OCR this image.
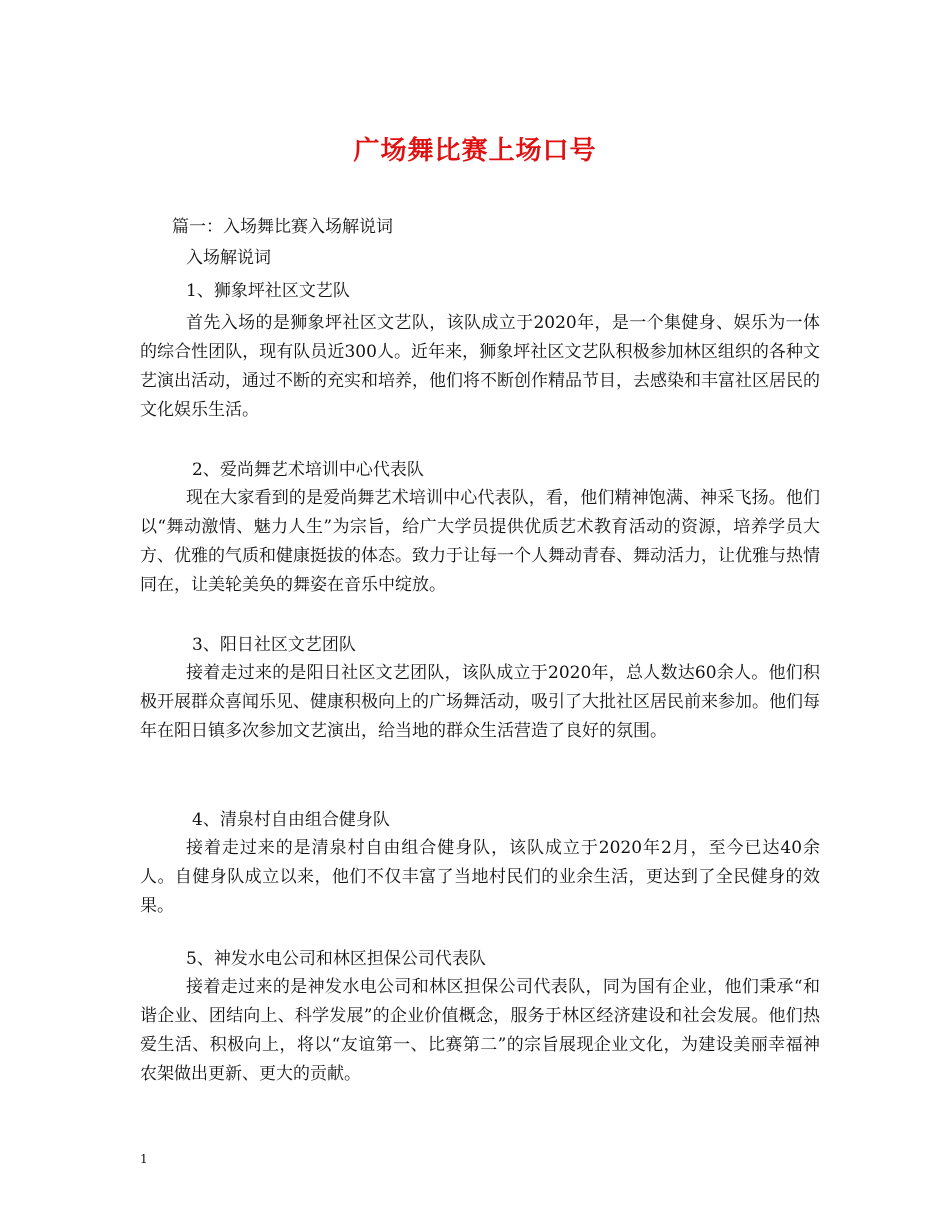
广场舞比赛上场口号
篇一：入场舞比赛入场解说词
入场解说词
1、狮象坪社区文艺队
首先入场的是狮象坪社区文艺队，该队成立于2020年，是一个集健身、娱乐为一体的综合性团队，现有队员近300人。近年来，狮象坪社区文艺队积极参加林区组织的各种文艺演出活动，通过不断的充实和培养，他们将不断创作精品节目，去感染和丰富社区居民的文化娱乐生活。
2、爱尚舞艺术培训中心代表队
现在大家看到的是爱尚舞艺术培训中心代表队，看，他们精神饱满、神采飞扬。他们以“舞动激情、魅力人生”为宗旨，给广大学员提供优质艺术教育活动的资源，培养学员大方、优雅的气质和健康挺拔的体态。致力于让每一个人舞动青春、舞动活力，让优雅与热情同在，让美轮美奂的舞姿在音乐中绽放。
3、阳日社区文艺团队
接着走过来的是阳日社区文艺团队，该队成立于2020年，总人数达60余人。他们积极开展群众喜闻乐见、健康积极向上的广场舞活动，吸引了大批社区居民前来参加。他们每年在阳日镇多次参加文艺演出，给当地的群众生活营造了良好的氛围。
4、清泉村自由组合健身队
接着走过来的是清泉村自由组合健身队，该队成立于2020年2月，至今已达40余人。自健身队成立以来，他们不仅丰富了当地村民们的业余生活，更达到了全民健身的效果。
5、神发水电公司和林区担保公司代表队
接着走过来的是神发水电公司和林区担保公司代表队，同为国有企业，他们秉承“和谐企业、团结向上、科学发展”的企业价值概念，服务于林区经济建设和社会发展。他们热爱生活、积极向上，将以“友谊第一、比赛第二”的宗旨展现企业文化，为建设美丽幸福神农架做出更新、更大的贡献。
1
